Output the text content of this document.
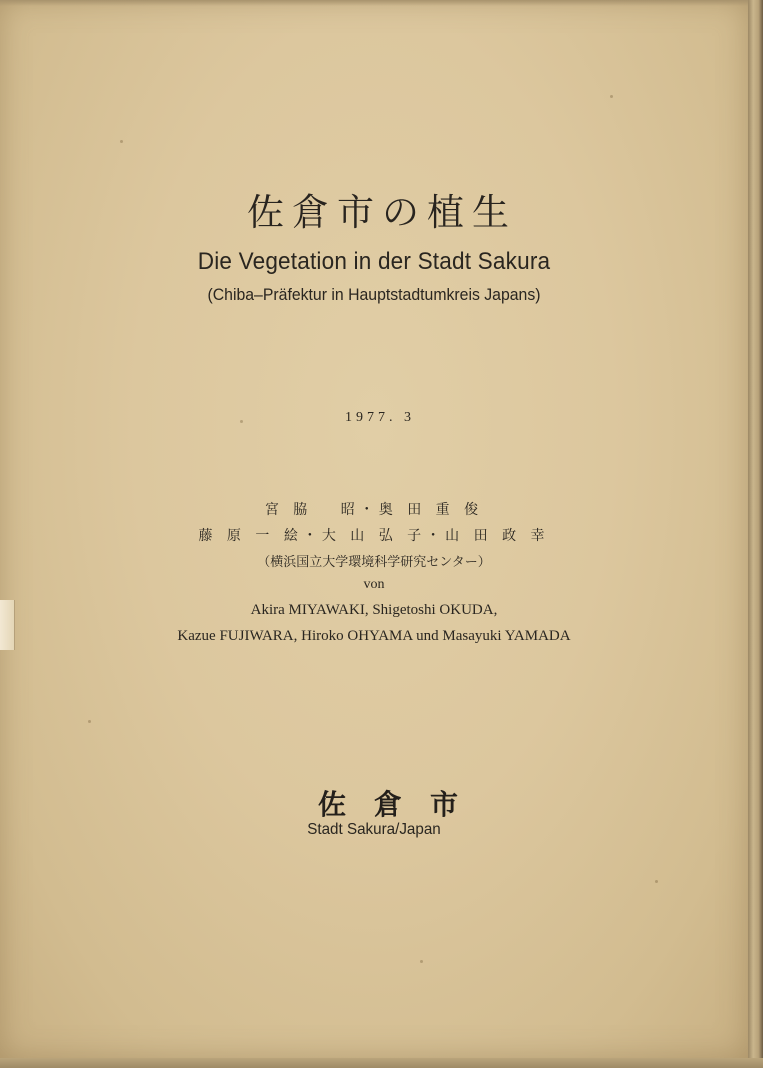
佐倉市の植生
Die Vegetation in der Stadt Sakura
(Chiba–Präfektur in Hauptstadtumkreis Japans)
1977. 3
宮 脇　 昭・奥 田 重 俊
藤 原 一 絵・大 山 弘 子・山 田 政 幸
（横浜国立大学環境科学研究センター）
von
Akira MIYAWAKI, Shigetoshi OKUDA,
Kazue FUJIWARA, Hiroko OHYAMA und Masayuki YAMADA
佐倉市
Stadt Sakura/Japan
